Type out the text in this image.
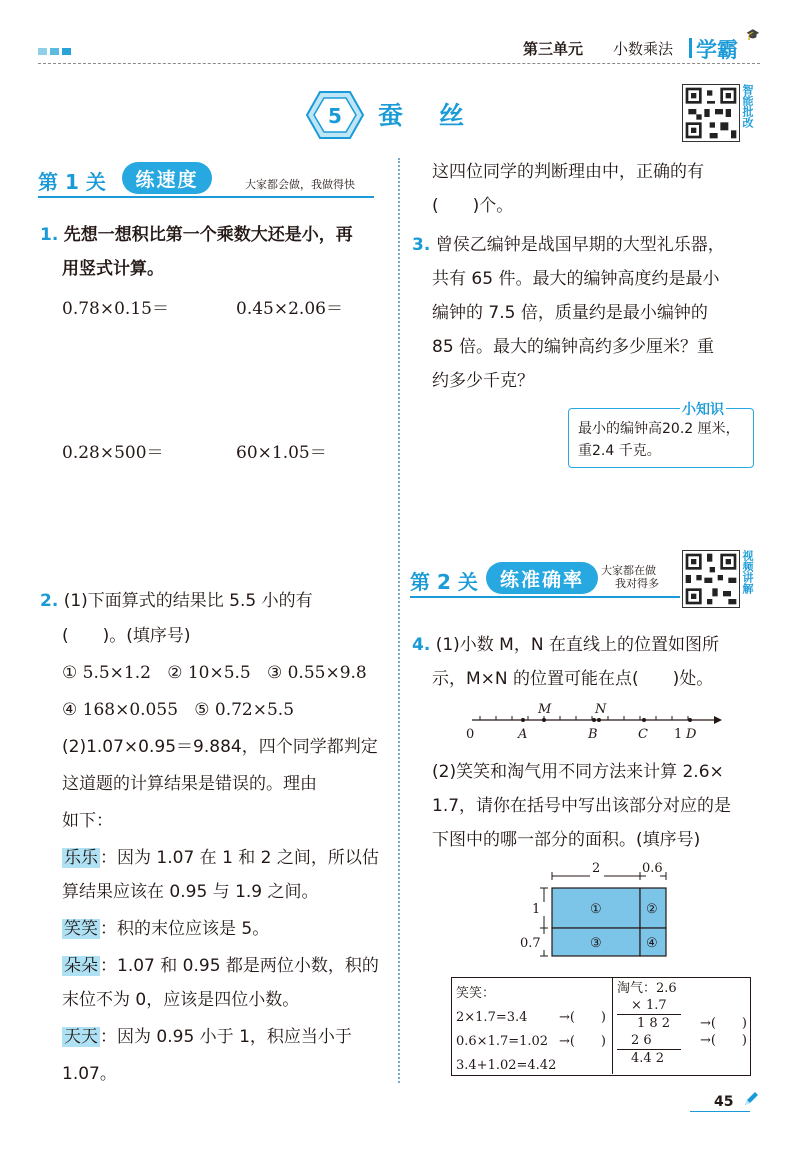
第三单元 小数乘法 学霸
🎓
5 蚕丝	智能批改
第 1 关	练速度	大家都会做，我做得快
1. 先想一想积比第一个乘数大还是小，再
用竖式计算。
0.78×0.15＝	0.45×2.06＝
0.28×500＝	60×1.05＝
2. (1)下面算式的结果比 5.5 小的有
(　　)。(填序号)
① 5.5×1.2 ② 10×5.5 ③ 0.55×9.8
④ 168×0.055 ⑤ 0.72×5.5
(2)1.07×0.95＝9.884，四个同学都判定
这道题的计算结果是错误的。理由
如下：
乐乐 ：因为 1.07 在 1 和 2 之间，所以估
算结果应该在 0.95 与 1.9 之间。
笑笑 ：积的末位应该是 5。
朵朵 ：1.07 和 0.95 都是两位小数，积的
末位不为 0，应该是四位小数。
天天 ：因为 0.95 小于 1，积应当小于
1.07。
这四位同学的判断理由中，正确的有
(　　)个。
3. 曾侯乙编钟是战国早期的大型礼乐器，
共有 65 件。最大的编钟高度约是最小
编钟的 7.5 倍，质量约是最小编钟的
85 倍。最大的编钟高约多少厘米？重
约多少千克？
小知识
最小的编钟高20.2 厘米，
重2.4 千克。
第 2 关	练准确率	大家都在做
我对得多	视频讲解
4. (1)小数 M，N 在直线上的位置如图所
示，M×N 的位置可能在点(　　)处。
0	A	B	C 1 D
M	N
(2)笑笑和淘气用不同方法来计算 2.6×
1.7，请你在括号中写出该部分对应的是
下图中的哪一部分的面积。(填序号)
2	0.6
1
0.7
①	②
③	④
笑笑：
2×1.7=3.4 →(　　)
0.6×1.7=1.02 →(　　)
3.4+1.02=4.42
淘气：2.6
× 1.7
1 8 2 →(　　)
2 6	→(　　)
4.4 2
45
